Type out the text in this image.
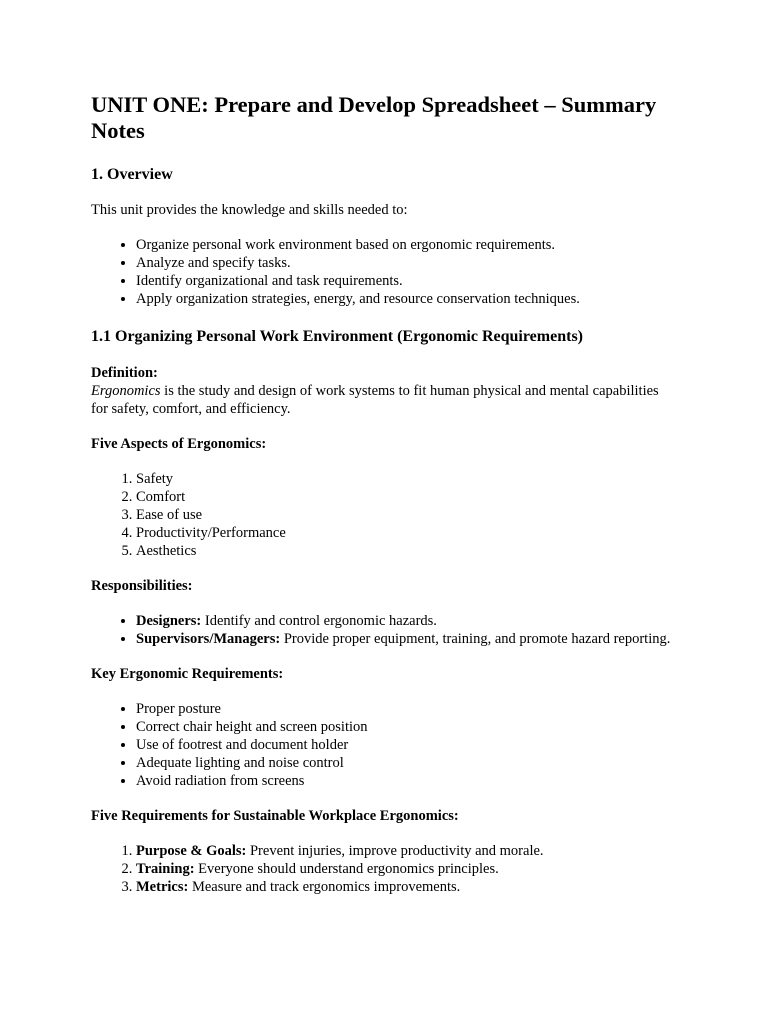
UNIT ONE: Prepare and Develop Spreadsheet – Summary Notes
1. Overview

This unit provides the knowledge and skills needed to:

• Organize personal work environment based on ergonomic requirements.
• Analyze and specify tasks.
• Identify organizational and task requirements.
• Apply organization strategies, energy, and resource conservation techniques.
1.1 Organizing Personal Work Environment (Ergonomic Requirements)

Definition:

Ergonomics is the study and design of work systems to fit human physical and mental capabilities for safety, comfort, and efficiency.

Five Aspects of Ergonomics:

1. Safety
2. Comfort
3. Ease of use
4. Productivity/Performance
5. Aesthetics

Responsibilities:

• Designers: Identify and control ergonomic hazards.
• Supervisors/Managers: Provide proper equipment, training, and promote hazard reporting.

Key Ergonomic Requirements:

• Proper posture
• Correct chair height and screen position
• Use of footrest and document holder
• Adequate lighting and noise control
• Avoid radiation from screens

Five Requirements for Sustainable Workplace Ergonomics:

1. Purpose & Goals: Prevent injuries, improve productivity and morale.
2. Training: Everyone should understand ergonomics principles.
3. Metrics: Measure and track ergonomics improvements.
